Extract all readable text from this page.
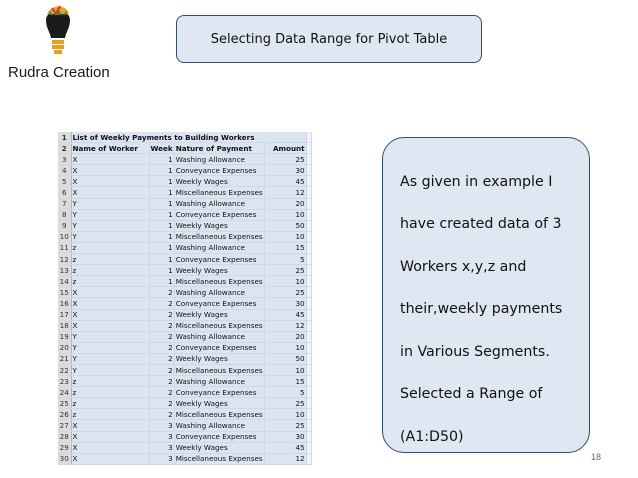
Rudra Creation
Selecting Data Range for Pivot Table
1	List of Weekly Payments to Building Workers				
2	Name of Worker	Week	Nature of Payment	Amount	
3	X	1	Washing Allowance	25	
4	X	1	Conveyance Expenses	30	
5	X	1	Weekly Wages	45	
6	X	1	Miscellaneous Expenses	12	
7	Y	1	Washing Allowance	20	
8	Y	1	Conveyance Expenses	10	
9	Y	1	Weekly Wages	50	
10	Y	1	Miscellaneous Expenses	10	
11	z	1	Washing Allowance	15	
12	z	1	Conveyance Expenses	5	
13	z	1	Weekly Wages	25	
14	z	1	Miscellaneous Expenses	10	
15	X	2	Washing Allowance	25	
16	X	2	Conveyance Expenses	30	
17	X	2	Weekly Wages	45	
18	X	2	Miscellaneous Expenses	12	
19	Y	2	Washing Allowance	20	
20	Y	2	Conveyance Expenses	10	
21	Y	2	Weekly Wages	50	
22	Y	2	Miscellaneous Expenses	10	
23	z	2	Washing Allowance	15	
24	z	2	Conveyance Expenses	5	
25	z	2	Weekly Wages	25	
26	z	2	Miscellaneous Expenses	10	
27	X	3	Washing Allowance	25	
28	X	3	Conveyance Expenses	30	
29	X	3	Weekly Wages	45	
30	X	3	Miscellaneous Expenses	12	
As given in example I
have created data of 3
Workers x,y,z and
their,weekly payments
in Various Segments.
Selected a Range of
(A1:D50)
18
